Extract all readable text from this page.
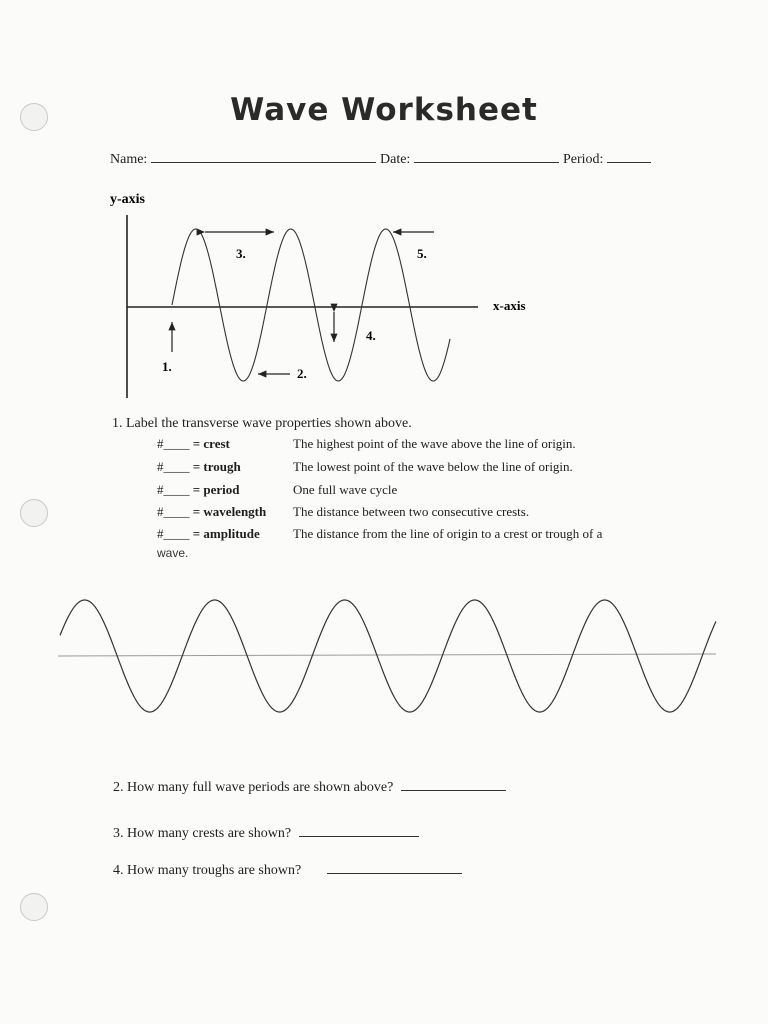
Wave Worksheet
Name:	Date:	Period:
y-axis
x-axis
1.	2.
3.
4.
5.
1. Label the transverse wave properties shown above.
#____ = crest	The highest point of the wave above the line of origin.
#____ = trough	The lowest point of the wave below the line of origin.
#____ = period	One full wave cycle
#____ = wavelength The distance between two consecutive crests.
#____ = amplitude	The distance from the line of origin to a crest or trough of a
wave.
2. How many full wave periods are shown above?
3. How many crests are shown?
4. How many troughs are shown?
